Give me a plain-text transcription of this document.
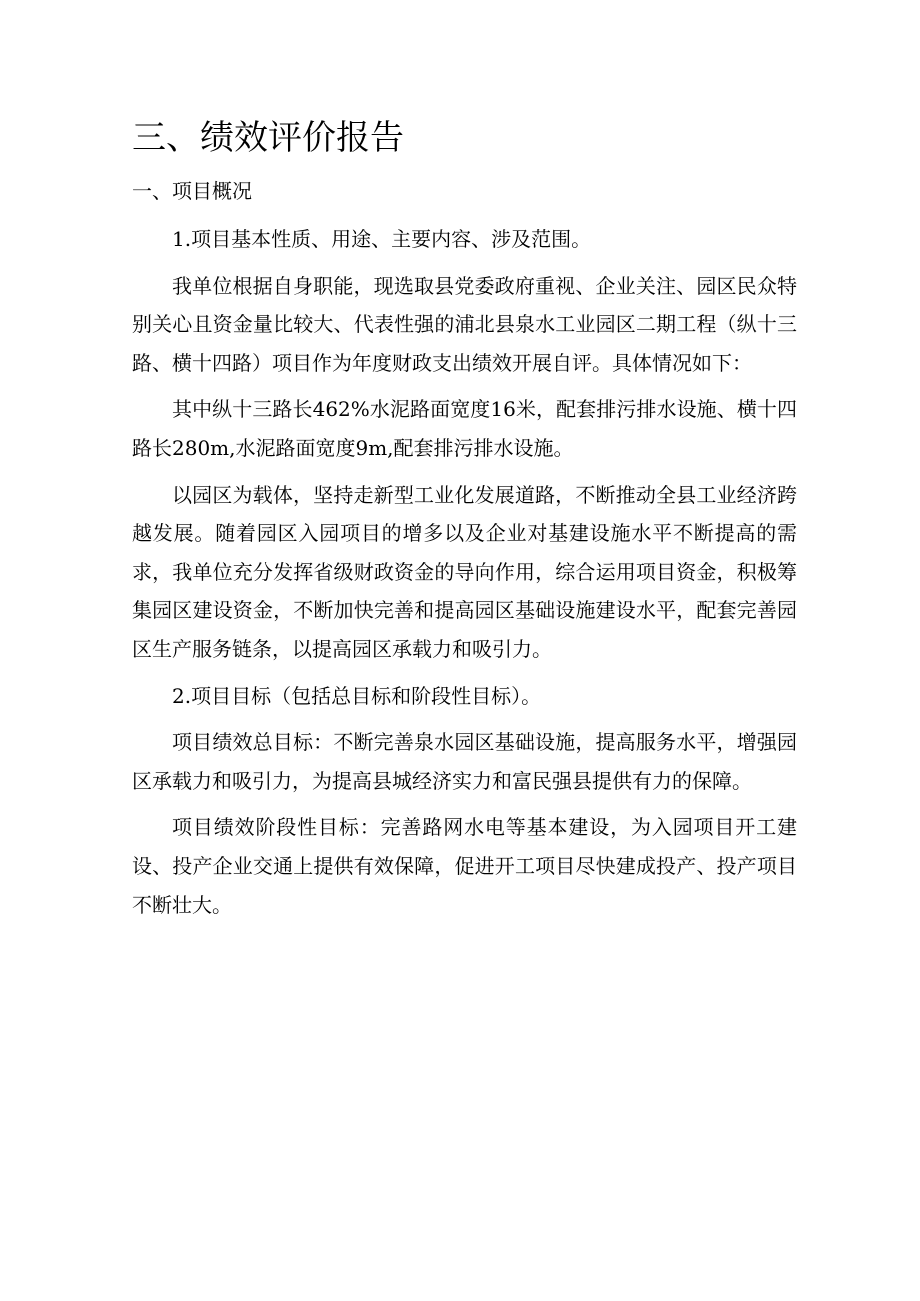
三、绩效评价报告
一、项目概况

1.项目基本性质、用途、主要内容、涉及范围。

我单位根据自身职能，现选取县党委政府重视、企业关注、园区民众特别关心且资金量比较大、代表性强的浦北县泉水工业园区二期工程（纵十三路、横十四路）项目作为年度财政支出绩效开展自评。具体情况如下：

其中纵十三路长462%水泥路面宽度16米，配套排污排水设施、横十四路长280m,水泥路面宽度9m,配套排污排水设施。

以园区为载体，坚持走新型工业化发展道路，不断推动全县工业经济跨越发展。随着园区入园项目的增多以及企业对基建设施水平不断提高的需求，我单位充分发挥省级财政资金的导向作用，综合运用项目资金，积极筹集园区建设资金，不断加快完善和提高园区基础设施建设水平，配套完善园区生产服务链条，以提高园区承载力和吸引力。

2.项目目标（包括总目标和阶段性目标）。

项目绩效总目标：不断完善泉水园区基础设施，提高服务水平，增强园区承载力和吸引力，为提高县城经济实力和富民强县提供有力的保障。

项目绩效阶段性目标：完善路网水电等基本建设，为入园项目开工建设、投产企业交通上提供有效保障，促进开工项目尽快建成投产、投产项目不断壮大。
